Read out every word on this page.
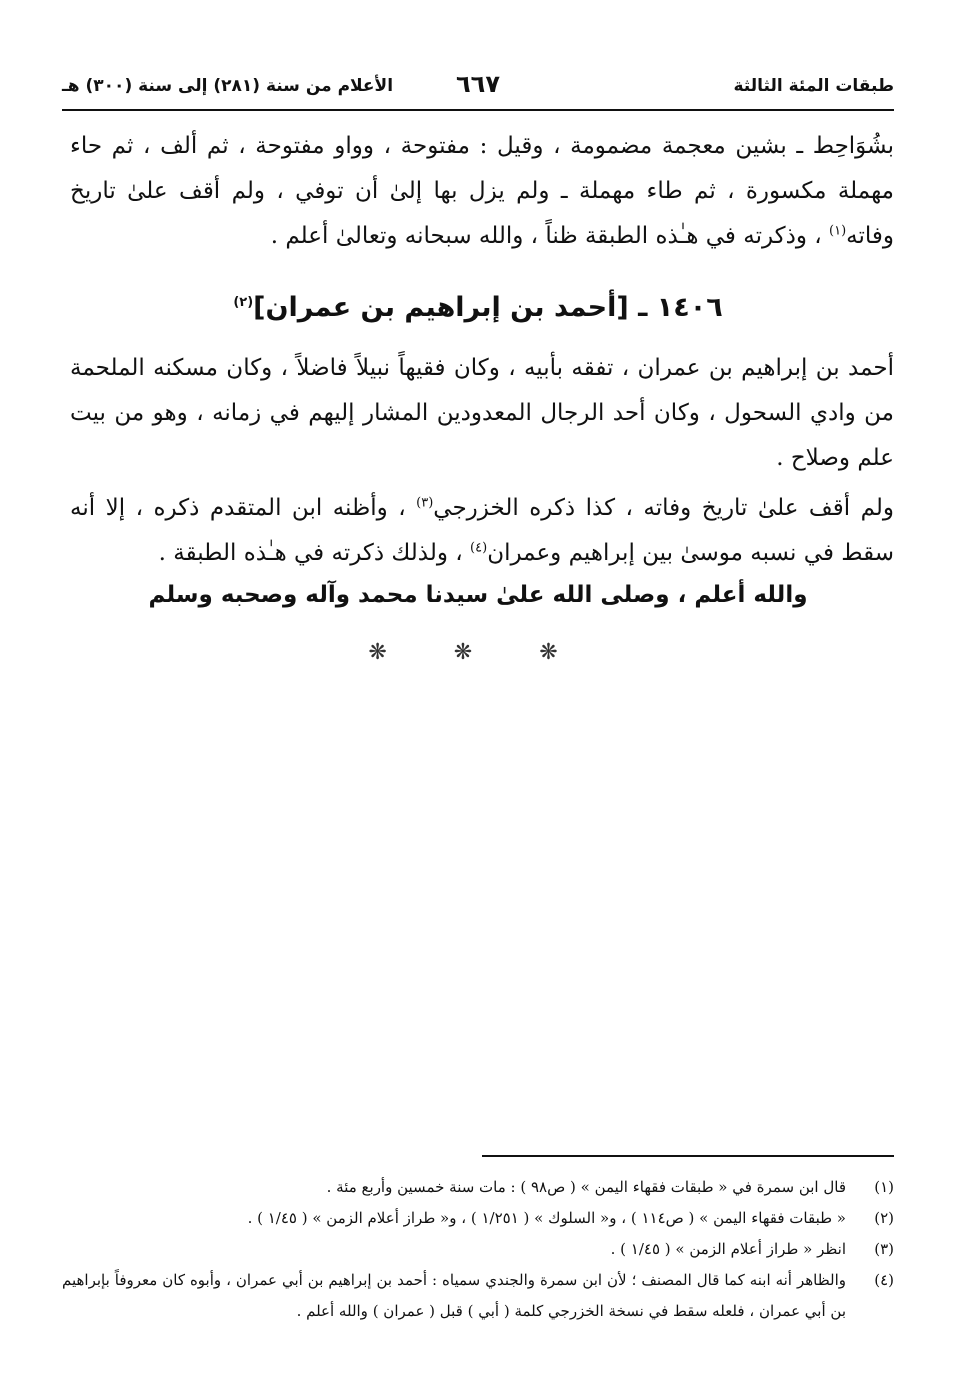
طبقات المئة الثالثة
٦٦٧
الأعلام من سنة (٢٨١) إلى سنة (٣٠٠) هـ
بشُوَاحِط ـ بشين معجمة مضمومة ، وقيل : مفتوحة ، وواو مفتوحة ، ثم ألف ، ثم حاء مهملة مكسورة ، ثم طاء مهملة ـ ولم يزل بها إلىٰ أن توفي ، ولم أقف علىٰ تاريخ وفاته$^{(١)}$ ، وذكرته في هـٰذه الطبقة ظناً ، والله سبحانه وتعالىٰ أعلم .
١٤٠٦ ـ [أحمد بن إبراهيم بن عمران]$^{(٢)}$
أحمد بن إبراهيم بن عمران ، تفقه بأبيه ، وكان فقيهاً نبيلاً فاضلاً ، وكان مسكنه الملحمة من وادي السحول ، وكان أحد الرجال المعدودين المشار إليهم في زمانه ، وهو من بيت علم وصلاح .
ولم أقف علىٰ تاريخ وفاته ، كذا ذكره الخزرجي$^{(٣)}$ ، وأظنه ابن المتقدم ذكره ، إلا أنه سقط في نسبه موسىٰ بين إبراهيم وعمران$^{(٤)}$ ، ولذلك ذكرته في هـٰذه الطبقة .
والله أعلم ، وصلى الله علىٰ سيدنا محمد وآله وصحبه وسلم
❋ ❋ ❋
(١)
قال ابن سمرة في « طبقات فقهاء اليمن » ( ص٩٨ ) : مات سنة خمسين وأربع مئة .
(٢)
« طبقات فقهاء اليمن » ( ص١١٤ ) ، و« السلوك » ( ١/٢٥١ ) ، و« طراز أعلام الزمن » ( ١/٤٥ ) .
(٣)
انظر « طراز أعلام الزمن » ( ١/٤٥ ) .
(٤)
والظاهر أنه ابنه كما قال المصنف ؛ لأن ابن سمرة والجندي سمياه : أحمد بن إبراهيم بن أبي عمران ، وأبوه كان معروفاً بإبراهيم بن أبي عمران ، فلعله سقط في نسخة الخزرجي كلمة ( أبي ) قبل ( عمران ) والله أعلم .
